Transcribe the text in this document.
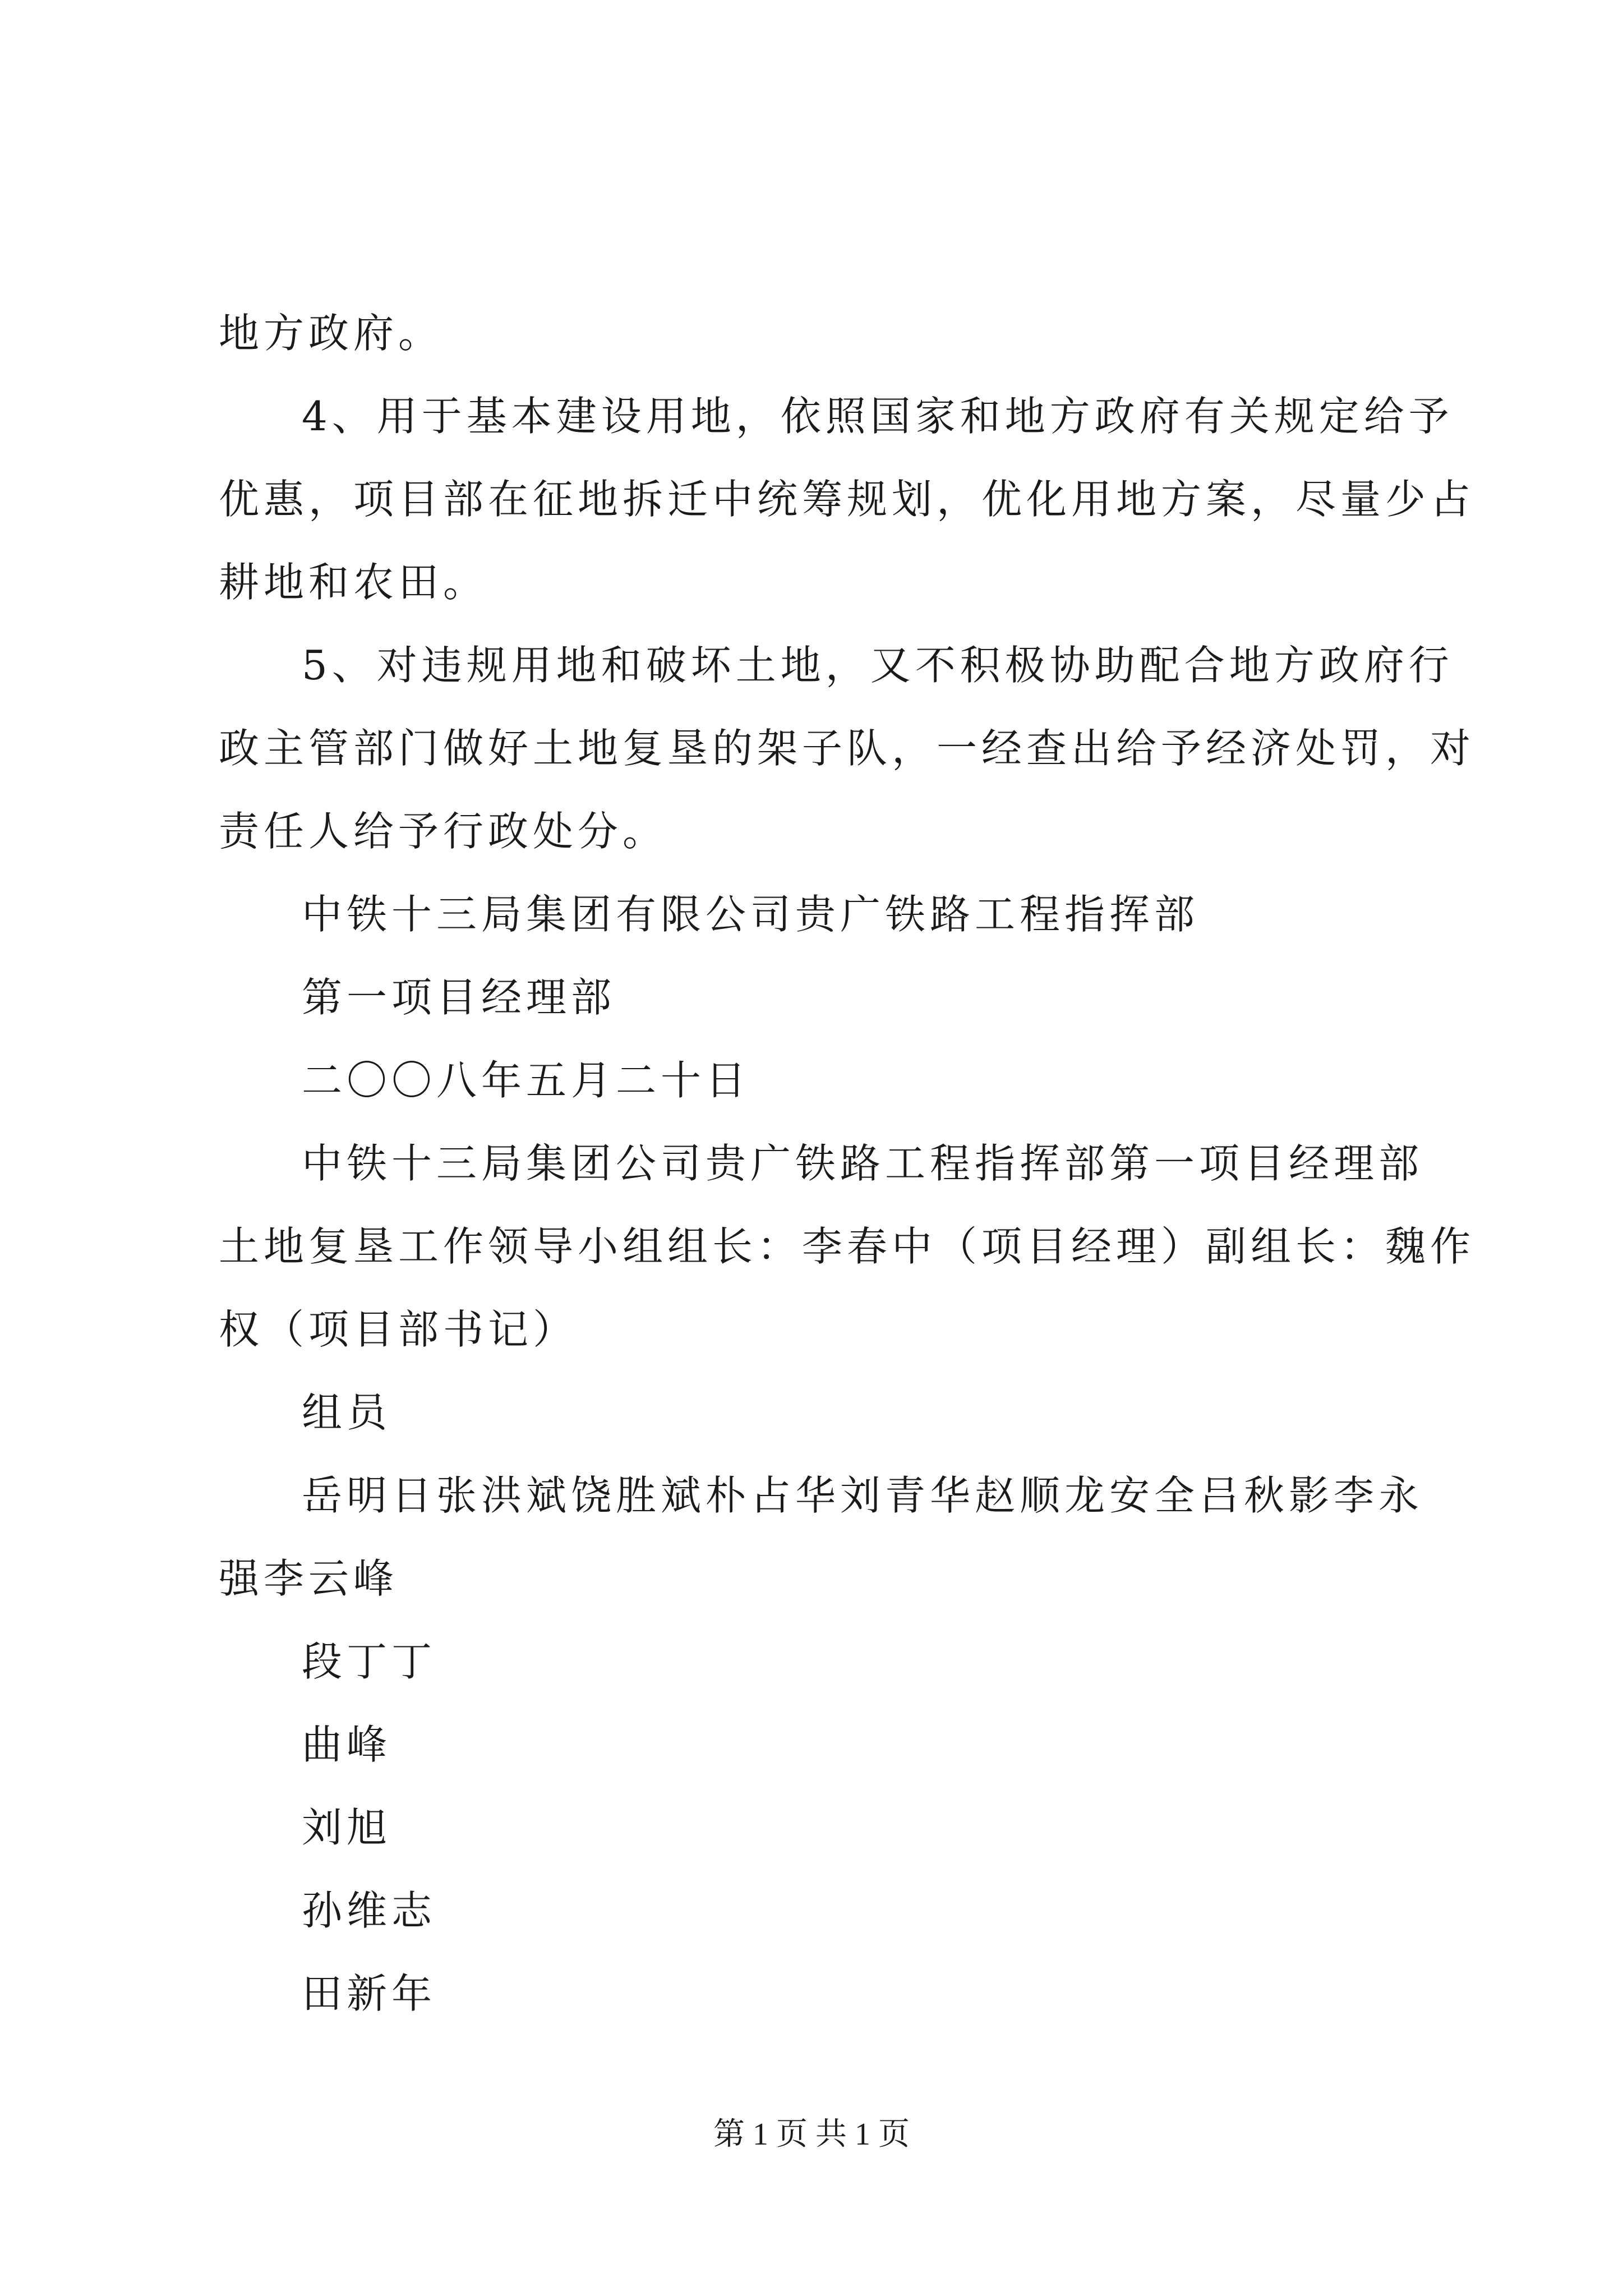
地方政府。
4、用于基本建设用地，依照国家和地方政府有关规定给予
优惠，项目部在征地拆迁中统筹规划，优化用地方案，尽量少占
耕地和农田。
5、对违规用地和破坏土地，又不积极协助配合地方政府行
政主管部门做好土地复垦的架子队，一经查出给予经济处罚，对
责任人给予行政处分。
中铁十三局集团有限公司贵广铁路工程指挥部
第一项目经理部
二〇〇八年五月二十日
中铁十三局集团公司贵广铁路工程指挥部第一项目经理部
土地复垦工作领导小组组长：李春中（项目经理）副组长：魏作
权（项目部书记）
组员
岳明日张洪斌饶胜斌朴占华刘青华赵顺龙安全吕秋影李永
强李云峰
段丁丁
曲峰
刘旭
孙维志
田新年
第 1 页 共 1 页
